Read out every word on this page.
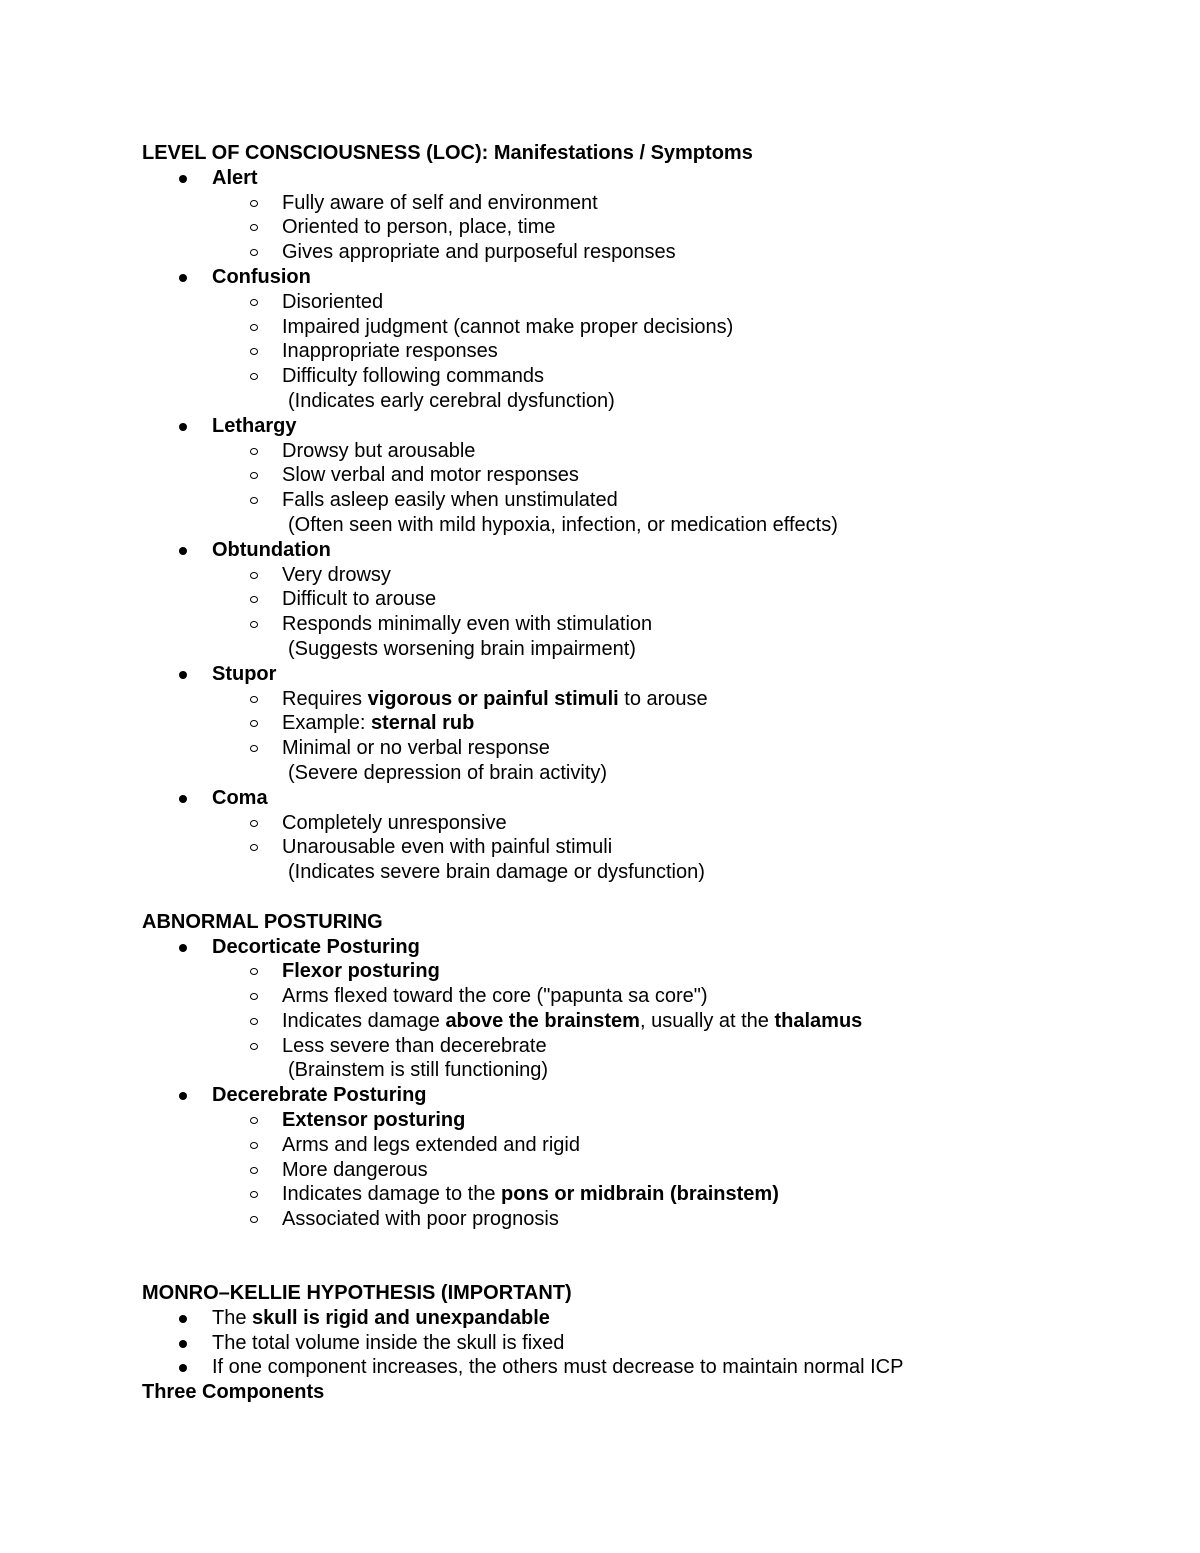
LEVEL OF CONSCIOUSNESS (LOC): Manifestations / Symptoms
Alert
Fully aware of self and environment
Oriented to person, place, time
Gives appropriate and purposeful responses
Confusion
Disoriented
Impaired judgment (cannot make proper decisions)
Inappropriate responses
Difficulty following commands
(Indicates early cerebral dysfunction)
Lethargy
Drowsy but arousable
Slow verbal and motor responses
Falls asleep easily when unstimulated
(Often seen with mild hypoxia, infection, or medication effects)
Obtundation
Very drowsy
Difficult to arouse
Responds minimally even with stimulation
(Suggests worsening brain impairment)
Stupor
Requires vigorous or painful stimuli to arouse
Example: sternal rub
Minimal or no verbal response
(Severe depression of brain activity)
Coma
Completely unresponsive
Unarousable even with painful stimuli
(Indicates severe brain damage or dysfunction)
ABNORMAL POSTURING
Decorticate Posturing
Flexor posturing
Arms flexed toward the core ("papunta sa core")
Indicates damage above the brainstem, usually at the thalamus
Less severe than decerebrate
(Brainstem is still functioning)
Decerebrate Posturing
Extensor posturing
Arms and legs extended and rigid
More dangerous
Indicates damage to the pons or midbrain (brainstem)
Associated with poor prognosis
MONRO–KELLIE HYPOTHESIS (IMPORTANT)
The skull is rigid and unexpandable
The total volume inside the skull is fixed
If one component increases, the others must decrease to maintain normal ICP
Three Components
